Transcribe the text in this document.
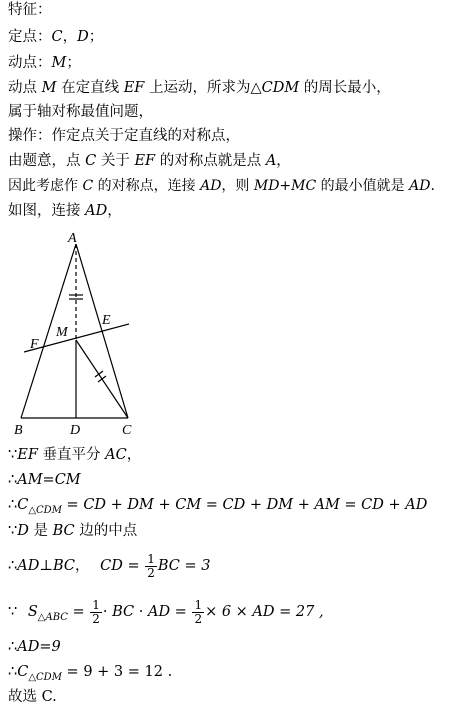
特征：
定点：C，D；
动点：M；
动点 M 在定直线 EF 上运动，所求为△CDM 的周长最小，
属于轴对称最值问题，
操作：作定点关于定直线的对称点，
由题意，点 C 关于 EF 的对称点就是点 A，
因此考虑作 C 的对称点，连接 AD，则 MD+MC 的最小值就是 AD.
如图，连接 AD，
A
B	C
D
E
F
M
∵EF 垂直平分 AC，
∴AM=CM
$\therefore C_{\triangle CDM}$ = CD + DM + CM = CD + DM + AM = CD + AD
∵D 是 BC 边的中点
∴AD⊥BC， CD = $\frac{1}{2}$ BC = 3
∵ $S_{\triangle ABC} = \frac{1}{2}$ · BC · AD = $\frac{1}{2} \times 6$ × AD = 27 ,
∴AD=9
$\therefore C_{\triangle CDM} = 9 + 3 = 12$ .
故选 C.
